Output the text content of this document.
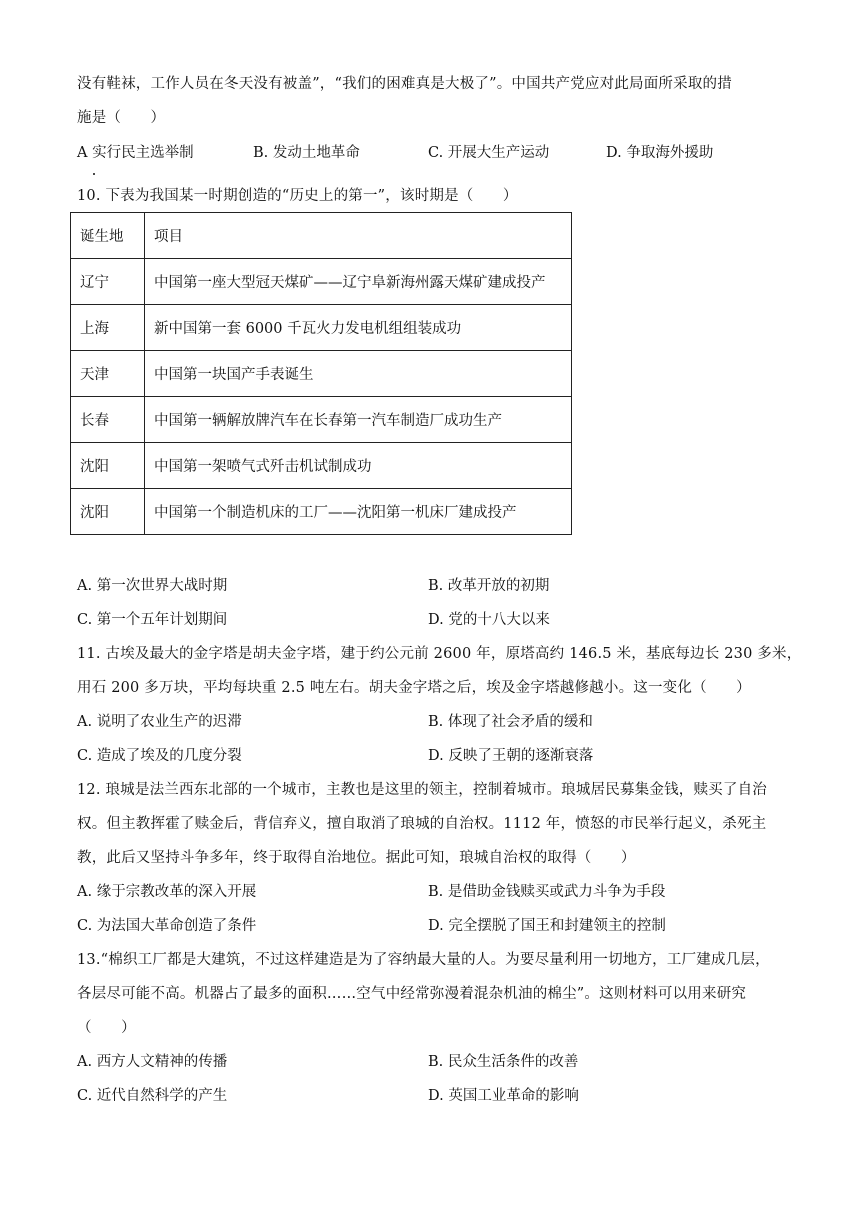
没有鞋袜，工作人员在冬天没有被盖”，“我们的困难真是大极了”。中国共产党应对此局面所采取的措
施是（　　）
A 实行民主选举制	B. 发动土地革命	C. 开展大生产运动	D. 争取海外援助
10. 下表为我国某一时期创造的“历史上的第一”，该时期是（　　）
诞生地	项目
辽宁	中国第一座大型冠天煤矿——辽宁阜新海州露天煤矿建成投产
上海	新中国第一套 6000 千瓦火力发电机组组装成功
天津	中国第一块国产手表诞生
长春	中国第一辆解放牌汽车在长春第一汽车制造厂成功生产
沈阳	中国第一架喷气式歼击机试制成功
沈阳	中国第一个制造机床的工厂——沈阳第一机床厂建成投产
A. 第一次世界大战时期	B. 改革开放的初期
C. 第一个五年计划期间	D. 党的十八大以来
11. 古埃及最大的金字塔是胡夫金字塔，建于约公元前 2600 年，原塔高约 146.5 米，基底每边长 230 多米，
用石 200 多万块，平均每块重 2.5 吨左右。胡夫金字塔之后，埃及金字塔越修越小。这一变化（　　）
A. 说明了农业生产的迟滞	B. 体现了社会矛盾的缓和
C. 造成了埃及的几度分裂	D. 反映了王朝的逐渐衰落
12. 琅城是法兰西东北部的一个城市，主教也是这里的领主，控制着城市。琅城居民募集金钱，赎买了自治
权。但主教挥霍了赎金后，背信弃义，擅自取消了琅城的自治权。1112 年，愤怒的市民举行起义，杀死主
教，此后又坚持斗争多年，终于取得自治地位。据此可知，琅城自治权的取得（　　）
A. 缘于宗教改革的深入开展	B. 是借助金钱赎买或武力斗争为手段
C. 为法国大革命创造了条件	D. 完全摆脱了国王和封建领主的控制
13.“棉织工厂都是大建筑，不过这样建造是为了容纳最大量的人。为要尽量利用一切地方，工厂建成几层，
各层尽可能不高。机器占了最多的面积……空气中经常弥漫着混杂机油的棉尘”。这则材料可以用来研究
（　　）
A. 西方人文精神的传播	B. 民众生活条件的改善
C. 近代自然科学的产生	D. 英国工业革命的影响
